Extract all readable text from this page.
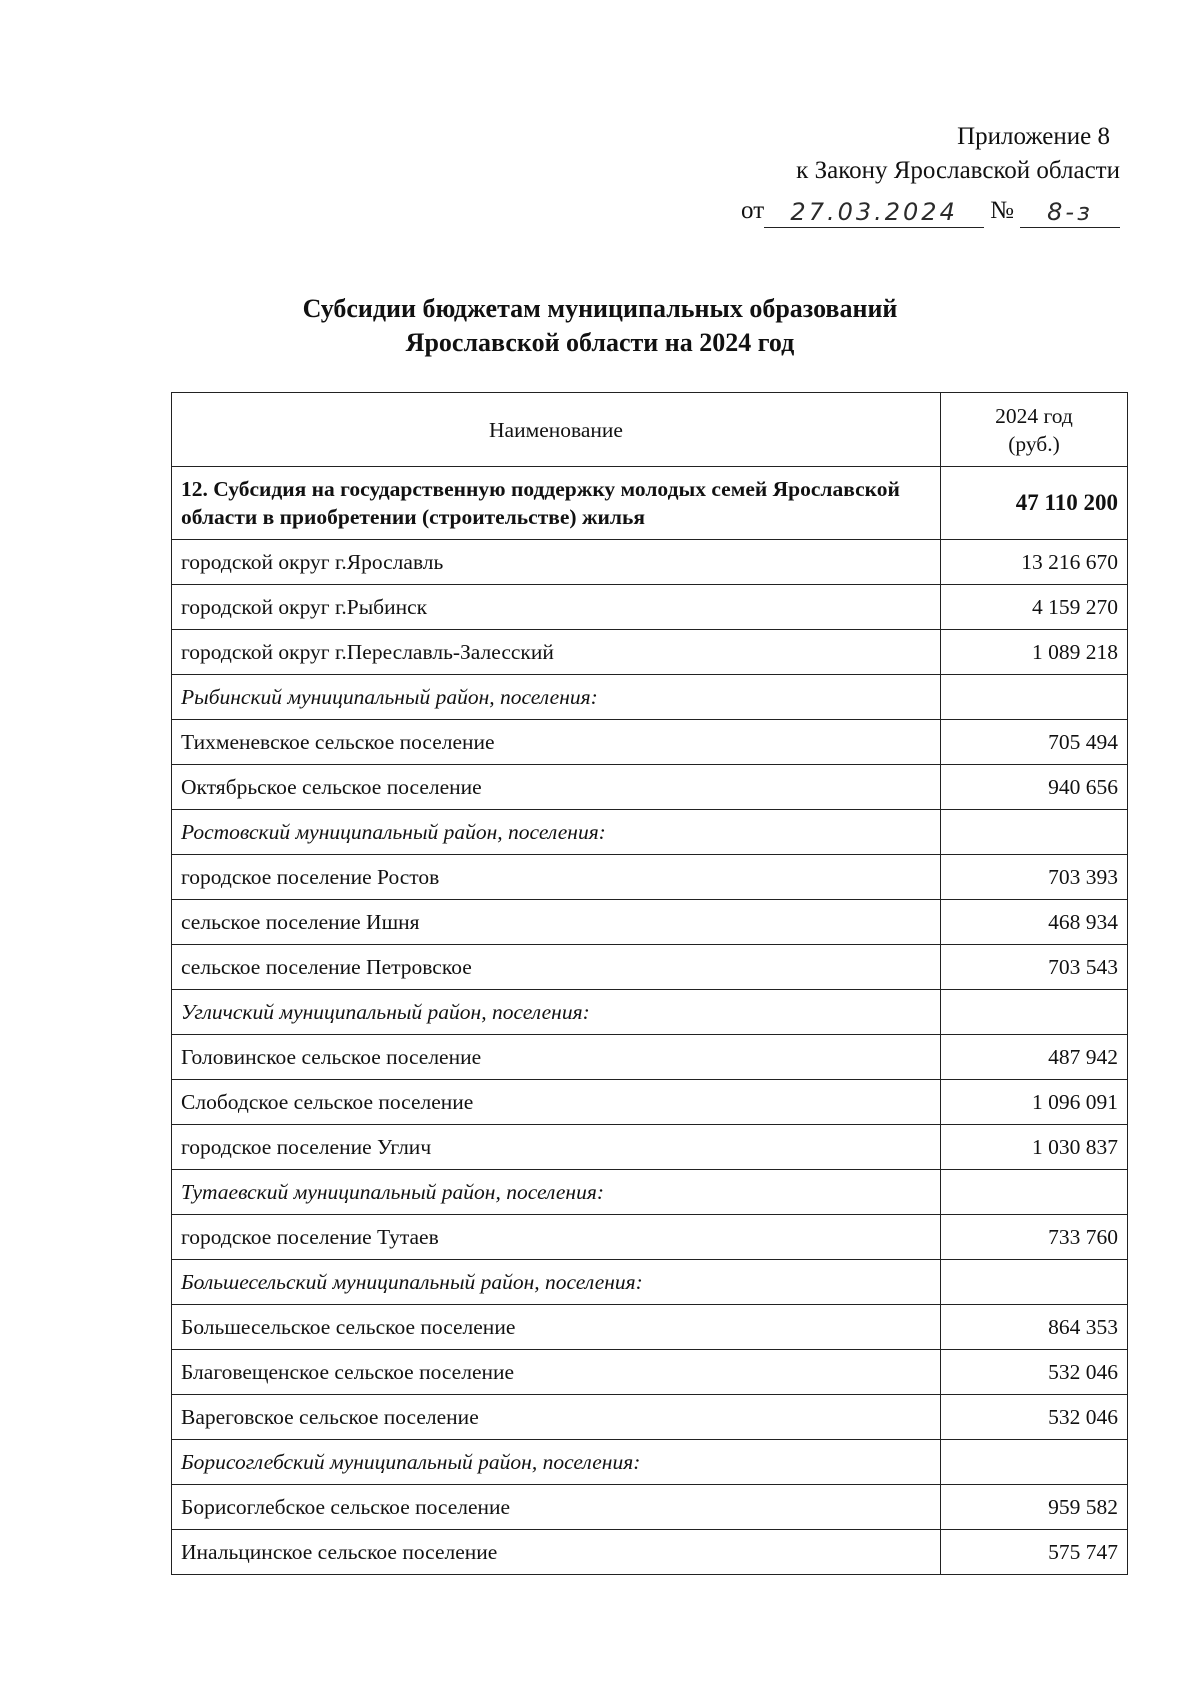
Приложение 8
к Закону Ярославской области
от	27.03.2024	№	8-з
Субсидии бюджетам муниципальных образований
Ярославской области на 2024 год
Наименование	2024 год
(руб.)
12. Субсидия на государственную поддержку молодых семей Ярославской области в приобретении (строительстве) жилья	47 110 200
городской округ г.Ярославль	13 216 670
городской округ г.Рыбинск	4 159 270
городской округ г.Переславль-Залесский	1 089 218
Рыбинский муниципальный район, поселения:	
Тихменевское сельское поселение	705 494
Октябрьское сельское поселение	940 656
Ростовский муниципальный район, поселения:	
городское поселение Ростов	703 393
сельское поселение Ишня	468 934
сельское поселение Петровское	703 543
Угличский муниципальный район, поселения:	
Головинское сельское поселение	487 942
Слободское сельское поселение	1 096 091
городское поселение Углич	1 030 837
Тутаевский муниципальный район, поселения:	
городское поселение Тутаев	733 760
Большесельский муниципальный район, поселения:	
Большесельское сельское поселение	864 353
Благовещенское сельское поселение	532 046
Вареговское сельское поселение	532 046
Борисоглебский муниципальный район, поселения:	
Борисоглебское сельское поселение	959 582
Инальцинское сельское поселение	575 747
